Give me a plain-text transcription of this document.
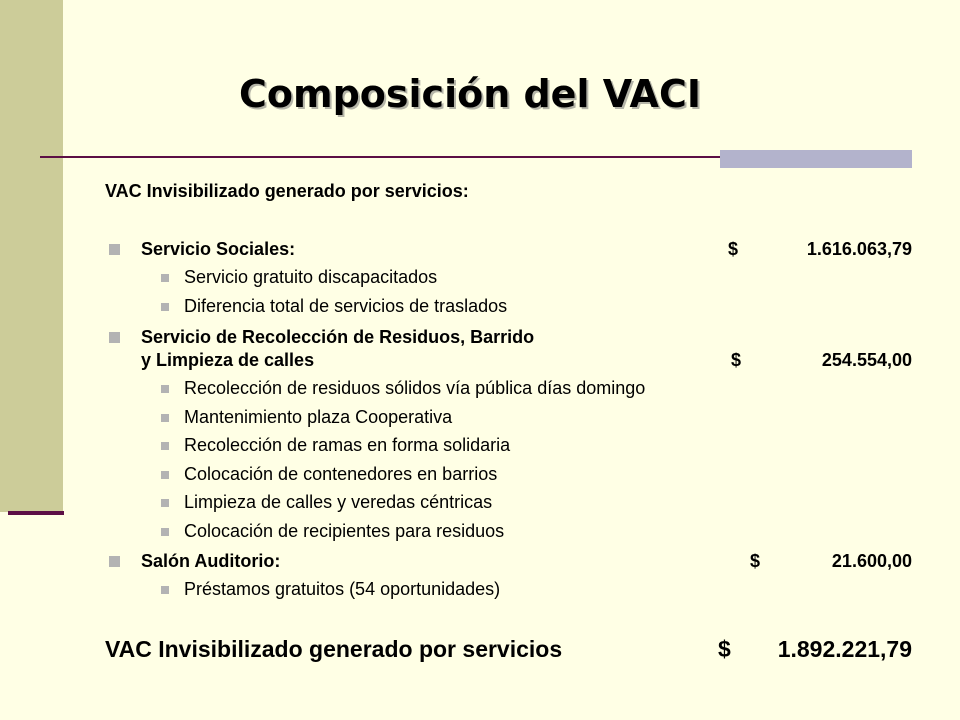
Composición del VACI
VAC Invisibilizado generado por servicios:
Servicio Sociales:	$	1.616.063,79
Servicio gratuito discapacitados
Diferencia total de servicios de traslados
Servicio de Recolección de Residuos, Barrido
y Limpieza de calles	$	254.554,00
Recolección de residuos sólidos vía pública días domingo
Mantenimiento plaza Cooperativa
Recolección de ramas en forma solidaria
Colocación de contenedores en barrios
Limpieza de calles y veredas céntricas
Colocación de recipientes para residuos
Salón Auditorio:	$	21.600,00
Préstamos gratuitos (54 oportunidades)
VAC Invisibilizado generado por servicios	$ 1.892.221,79
